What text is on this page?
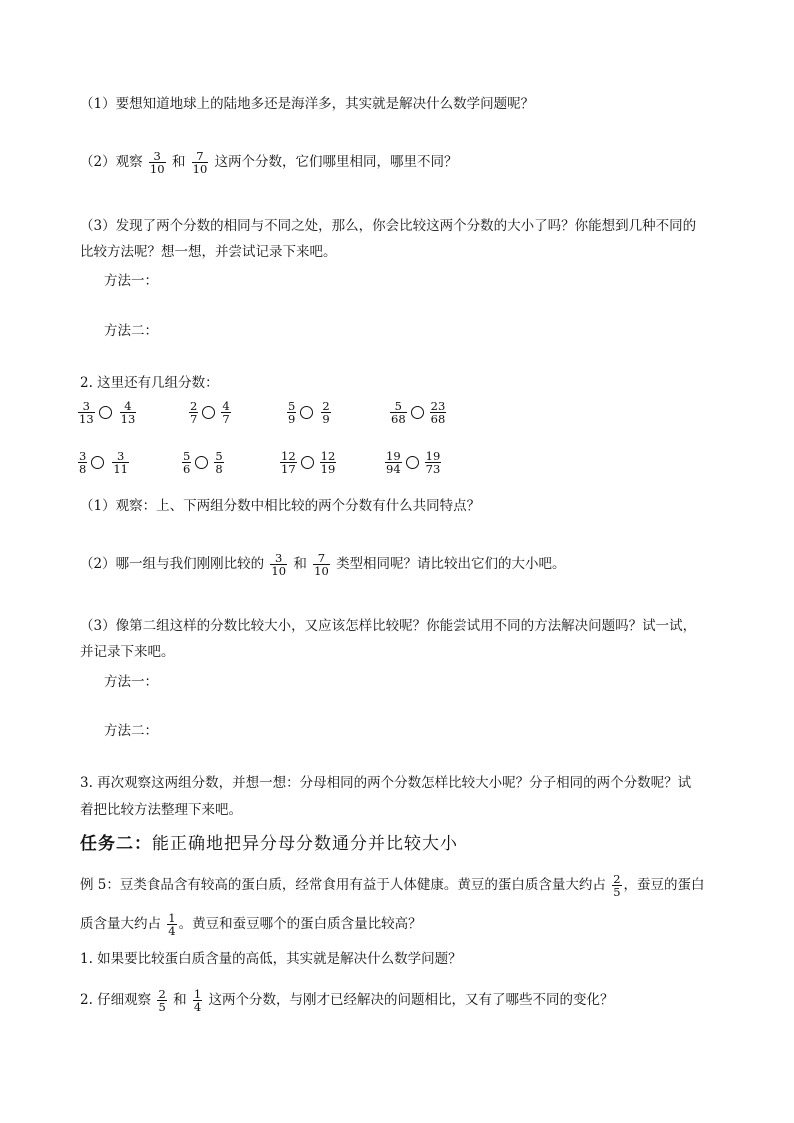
（1）要想知道地球上的陆地多还是海洋多，其实就是解决什么数学问题呢？
（2）观察 $\frac{3}{10}$ 和 $\frac{7}{10}$ 这两个分数，它们哪里相同，哪里不同？
（3）发现了两个分数的相同与不同之处，那么，你会比较这两个分数的大小了吗？你能想到几种不同的
比较方法呢？想一想，并尝试记录下来吧。
方法一：
方法二：
2. 这里还有几组分数：
$\frac{3}{13} \frac{4}{13}$	$\frac{2}{7} \frac{4}{7}$	$\frac{5}{9} \frac{2}{9}$	$\frac{5}{68} \frac{23}{68}$
$\frac{3}{8} \frac{3}{11}$	$\frac{5}{6} \frac{5}{8}$	$\frac{12}{17} \frac{12}{19}$	$\frac{19}{94} \frac{19}{73}$
（1）观察：上、下两组分数中相比较的两个分数有什么共同特点？
（2）哪一组与我们刚刚比较的 $\frac{3}{10}$ 和 $\frac{7}{10}$ 类型相同呢？请比较出它们的大小吧。
（3）像第二组这样的分数比较大小，又应该怎样比较呢？你能尝试用不同的方法解决问题吗？试一试，
并记录下来吧。
方法一：
方法二：
3. 再次观察这两组分数，并想一想：分母相同的两个分数怎样比较大小呢？分子相同的两个分数呢？试
着把比较方法整理下来吧。
任务二：能正确地把异分母分数通分并比较大小
例 5：豆类食品含有较高的蛋白质，经常食用有益于人体健康。黄豆的蛋白质含量大约占 $\frac{2}{5}$ ，蚕豆的蛋白
质含量大约占 $\frac{1}{4}$ 。黄豆和蚕豆哪个的蛋白质含量比较高？
1. 如果要比较蛋白质含量的高低，其实就是解决什么数学问题？
2. 仔细观察 $\frac{2}{5}$ 和 $\frac{1}{4}$ 这两个分数，与刚才已经解决的问题相比，又有了哪些不同的变化？
